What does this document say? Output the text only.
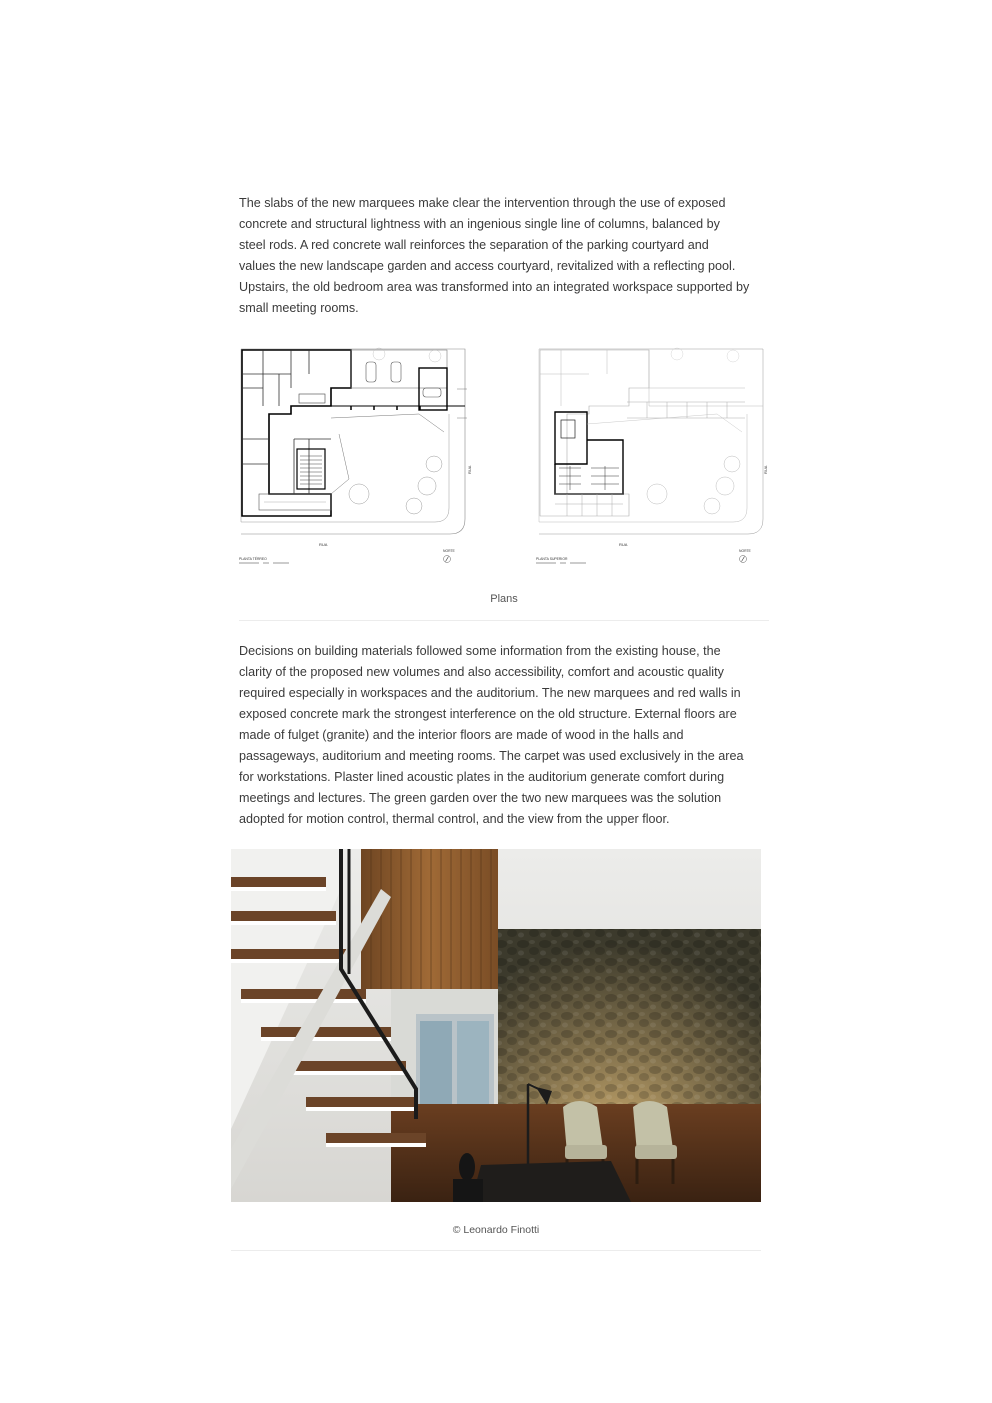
The slabs of the new marquees make clear the intervention through the use of exposed
concrete and structural lightness with an ingenious single line of columns, balanced by
steel rods. A red concrete wall reinforces the separation of the parking courtyard and
values the new landscape garden and access courtyard, revitalized with a reflecting pool.
Upstairs, the old bedroom area was transformed into an integrated workspace supported by
small meeting rooms.

RUA
RUA
PLANTA TÉRREO
NORTE
RUA
RUA
PLANTA SUPERIOR
NORTE
Plans

Decisions on building materials followed some information from the existing house, the
clarity of the proposed new volumes and also accessibility, comfort and acoustic quality
required especially in workspaces and the auditorium. The new marquees and red walls in
exposed concrete mark the strongest interference on the old structure. External floors are
made of fulget (granite) and the interior floors are made of wood in the halls and
passageways, auditorium and meeting rooms. The carpet was used exclusively in the area
for workstations. Plaster lined acoustic plates in the auditorium generate comfort during
meetings and lectures. The green garden over the two new marquees was the solution
adopted for motion control, thermal control, and the view from the upper floor.

© Leonardo Finotti
